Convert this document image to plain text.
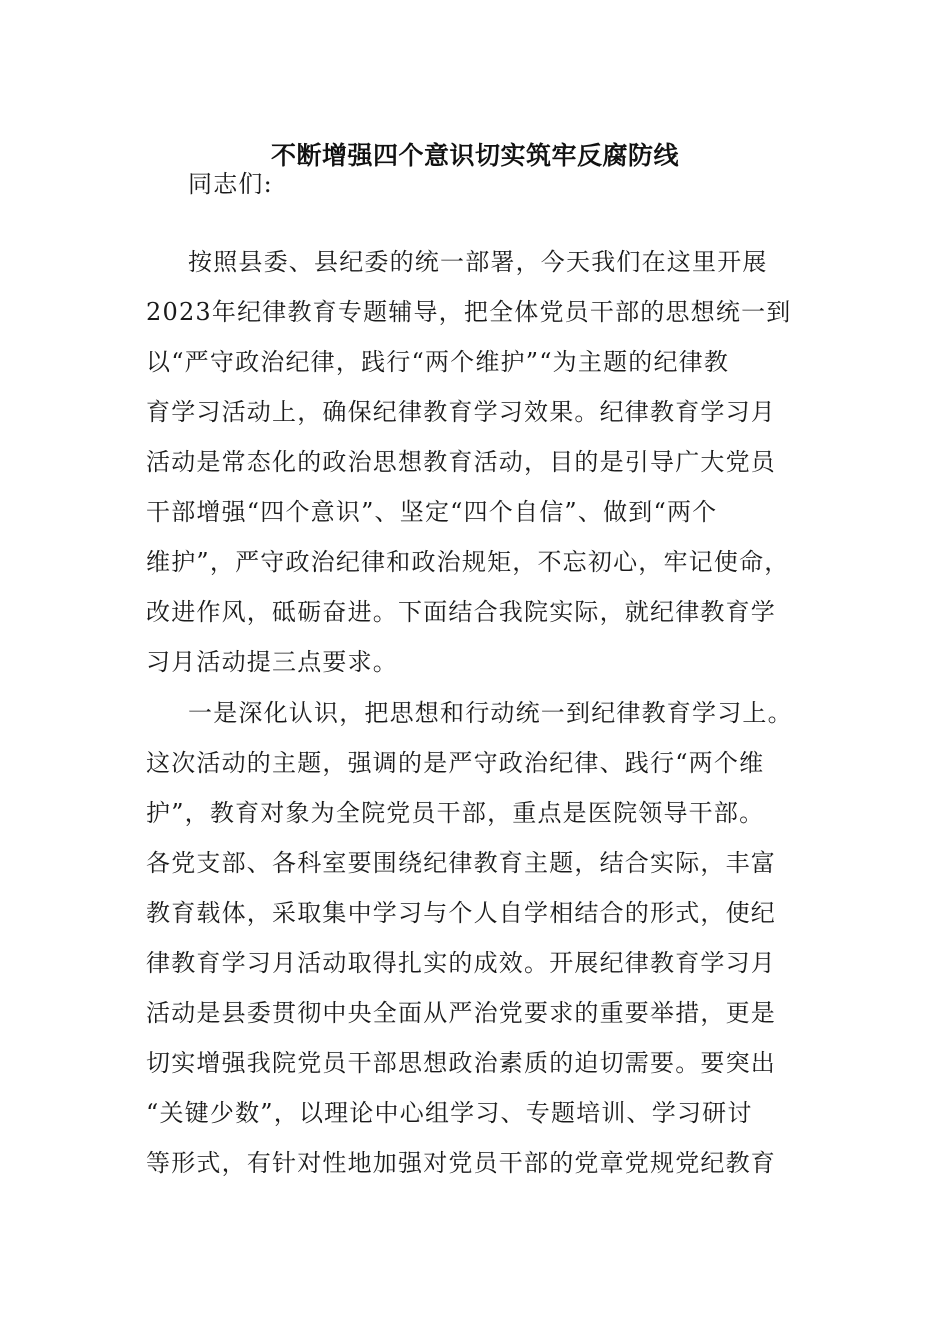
不断增强四个意识切实筑牢反腐防线
同志们:
按照县委、县纪委的统一部署，今天我们在这里开展
2023年纪律教育专题辅导，把全体党员干部的思想统一到
以“严守政治纪律，践行“两个维护”“为主题的纪律教
育学习活动上，确保纪律教育学习效果。纪律教育学习月
活动是常态化的政治思想教育活动，目的是引导广大党员
干部增强“四个意识”、坚定“四个自信”、做到“两个
维护”，严守政治纪律和政治规矩，不忘初心，牢记使命，
改进作风，砥砺奋进。下面结合我院实际，就纪律教育学
习月活动提三点要求。
一是深化认识，把思想和行动统一到纪律教育学习上。
这次活动的主题，强调的是严守政治纪律、践行“两个维
护”，教育对象为全院党员干部，重点是医院领导干部。
各党支部、各科室要围绕纪律教育主题，结合实际，丰富
教育载体，采取集中学习与个人自学相结合的形式，使纪
律教育学习月活动取得扎实的成效。开展纪律教育学习月
活动是县委贯彻中央全面从严治党要求的重要举措，更是
切实增强我院党员干部思想政治素质的迫切需要。要突出
“关键少数”，以理论中心组学习、专题培训、学习研讨
等形式，有针对性地加强对党员干部的党章党规党纪教育
